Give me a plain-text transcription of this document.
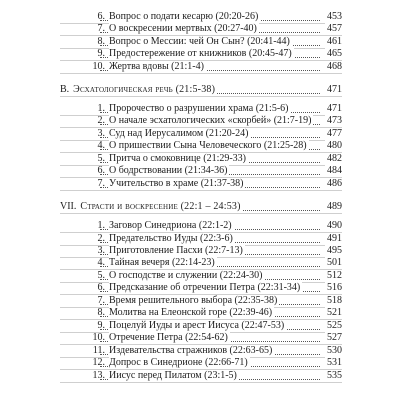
6. Вопрос о подати кесарю (20:20-26)	453
7. О воскресении мертвых (20:27-40)	457
8. Вопрос о Мессии: чей Он Сын? (20:41-44)	461
9. Предостережение от книжников (20:45-47)	465
10. Жертва вдовы (21:1-4)	468
В. Эсхатологическая речь (21:5-38)	471
1. Пророчество о разрушении храма (21:5-6)	471
2. О начале эсхатологических «скорбей» (21:7-19) 473
3. Суд над Иерусалимом (21:20-24)	477
4. О пришествии Сына Человеческого (21:25-28) 480
5. Притча о смоковнице (21:29-33)	482
6. О бодрствовании (21:34-36)	484
7. Учительство в храме (21:37-38)	486
VII. Страсти и воскресение (22:1 – 24:53)	489
1. Заговор Синедриона (22:1-2)	490
2. Предательство Иуды (22:3-6)	491
3. Приготовление Пасхи (22:7-13)	495
4. Тайная вечеря (22:14-23)	501
5. О господстве и служении (22:24-30)	512
6. Предсказание об отречении Петра (22:31-34)	516
7. Время решительного выбора (22:35-38)	518
8. Молитва на Елеонской горе (22:39-46)	521
9. Поцелуй Иуды и арест Иисуса (22:47-53)	525
10. Отречение Петра (22:54-62)	527
11. Издевательства стражников (22:63-65)	530
12. Допрос в Синедрионе (22:66-71)	531
13. Иисус перед Пилатом (23:1-5)	535
